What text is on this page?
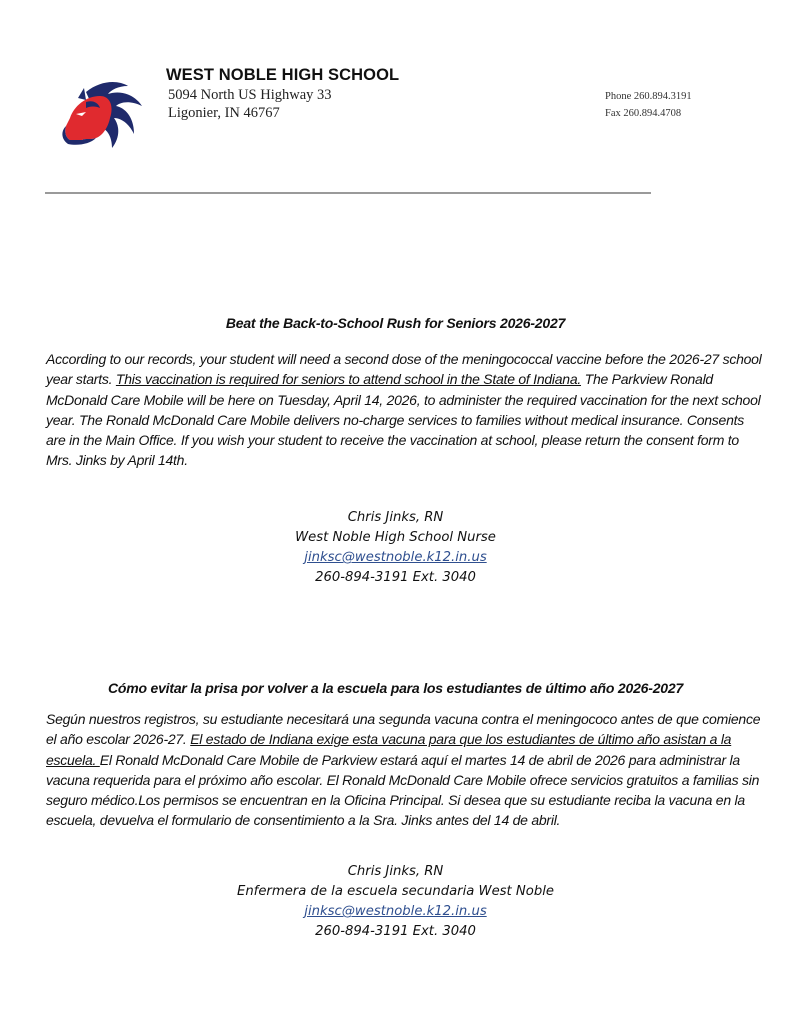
WEST NOBLE HIGH SCHOOL
5094 North US Highway 33
Ligonier, IN 46767
Phone 260.894.3191
Fax 260.894.4708
Beat the Back-to-School Rush for Seniors 2026-2027
According to our records, your student will need a second dose of the meningococcal vaccine before the 2026-27 school year starts. This vaccination is required for seniors to attend school in the State of Indiana. The Parkview Ronald McDonald Care Mobile will be here on Tuesday, April 14, 2026, to administer the required vaccination for the next school year. The Ronald McDonald Care Mobile delivers no-charge services to families without medical insurance. Consents are in the Main Office. If you wish your student to receive the vaccination at school, please return the consent form to Mrs. Jinks by April 14th.
Chris Jinks, RN
West Noble High School Nurse
jinksc@westnoble.k12.in.us
260-894-3191 Ext. 3040
Cómo evitar la prisa por volver a la escuela para los estudiantes de último año 2026-2027
Según nuestros registros, su estudiante necesitará una segunda vacuna contra el meningococo antes de que comience el año escolar 2026-27. El estado de Indiana exige esta vacuna para que los estudiantes de último año asistan a la escuela. El Ronald McDonald Care Mobile de Parkview estará aquí el martes 14 de abril de 2026 para administrar la vacuna requerida para el próximo año escolar. El Ronald McDonald Care Mobile ofrece servicios gratuitos a familias sin seguro médico.Los permisos se encuentran en la Oficina Principal. Si desea que su estudiante reciba la vacuna en la escuela, devuelva el formulario de consentimiento a la Sra. Jinks antes del 14 de abril.
Chris Jinks, RN
Enfermera de la escuela secundaria West Noble
jinksc@westnoble.k12.in.us
260-894-3191 Ext. 3040
